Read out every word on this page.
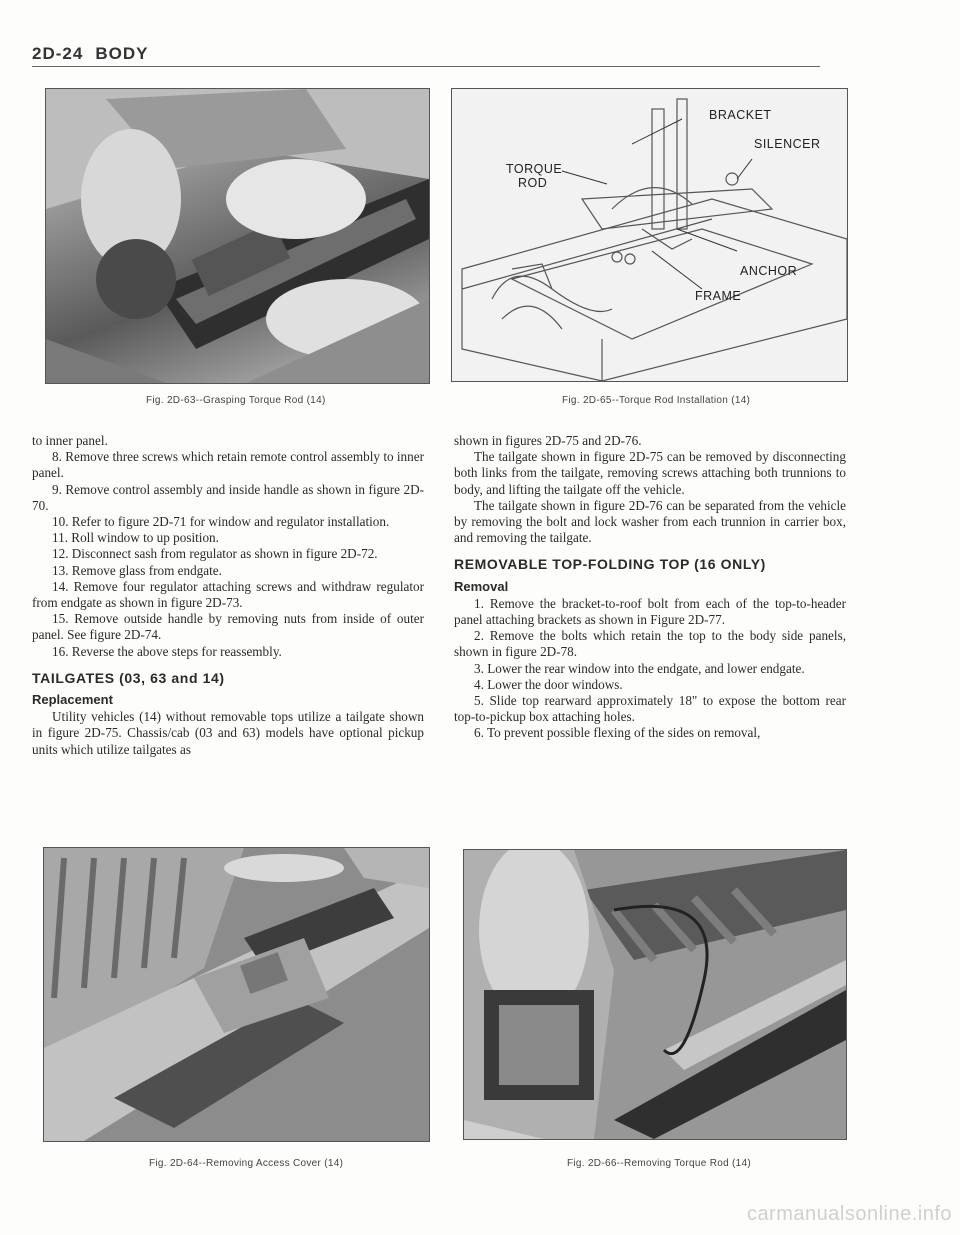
2D-24 BODY
Fig. 2D-63--Grasping Torque Rod (14)
BRACKET
SILENCER
TORQUE
ROD
ANCHOR
FRAME
Fig. 2D-65--Torque Rod Installation (14)

to inner panel.

8. Remove three screws which retain remote control assembly to inner panel.

9. Remove control assembly and inside handle as shown in figure 2D-70.

10. Refer to figure 2D-71 for window and regulator installation.

11. Roll window to up position.

12. Disconnect sash from regulator as shown in figure 2D-72.

13. Remove glass from endgate.

14. Remove four regulator attaching screws and withdraw regulator from endgate as shown in figure 2D-73.

15. Remove outside handle by removing nuts from inside of outer panel. See figure 2D-74.

16. Reverse the above steps for reassembly.

TAILGATES (03, 63 and 14)
Replacement

Utility vehicles (14) without removable tops utilize a tailgate shown in figure 2D-75. Chassis/cab (03 and 63) models have optional pickup units which utilize tailgates as

shown in figures 2D-75 and 2D-76.

The tailgate shown in figure 2D-75 can be removed by disconnecting both links from the tailgate, removing screws attaching both trunnions to body, and lifting the tailgate off the vehicle.

The tailgate shown in figure 2D-76 can be separated from the vehicle by removing the bolt and lock washer from each trunnion in carrier box, and removing the tailgate.

REMOVABLE TOP-FOLDING TOP (16 ONLY)
Removal

1. Remove the bracket-to-roof bolt from each of the top-to-header panel attaching brackets as shown in Figure 2D-77.

2. Remove the bolts which retain the top to the body side panels, shown in figure 2D-78.

3. Lower the rear window into the endgate, and lower endgate.

4. Lower the door windows.

5. Slide top rearward approximately 18" to expose the bottom rear top-to-pickup box attaching holes.

6. To prevent possible flexing of the sides on removal,

Fig. 2D-64--Removing Access Cover (14)	Fig. 2D-66--Removing Torque Rod (14)
carmanualsonline.info
